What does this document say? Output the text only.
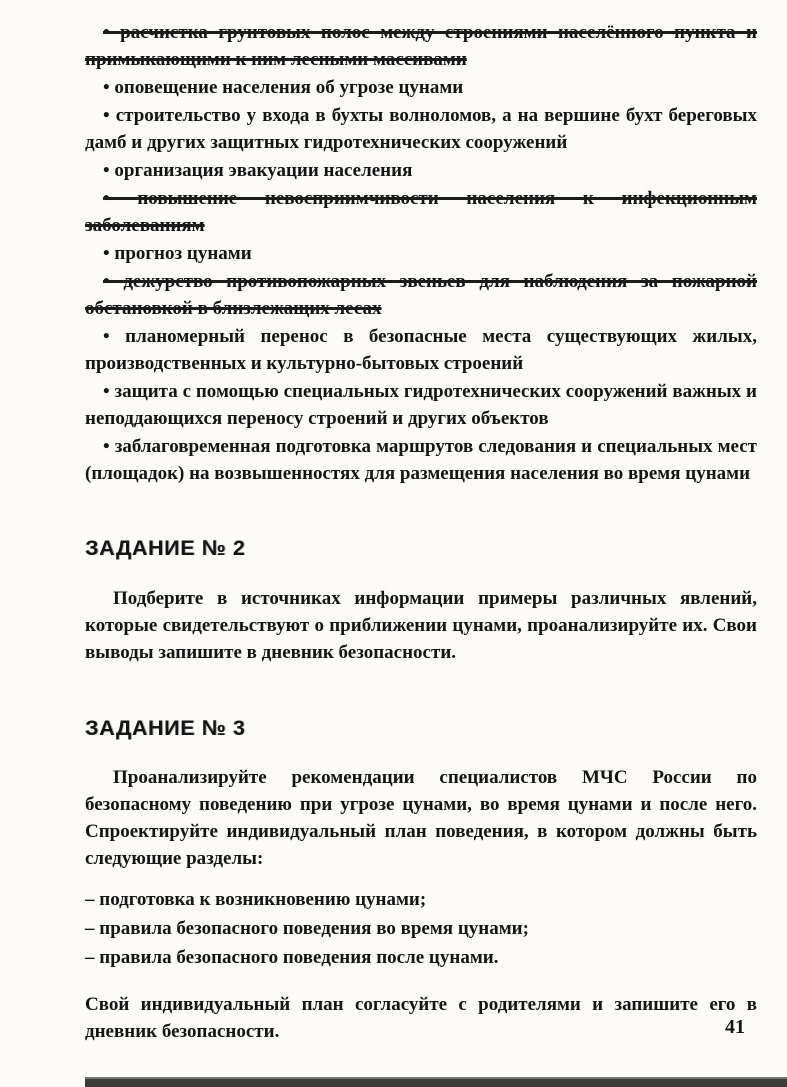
• расчистка грунтовых полос между строениями населённого пункта и примыкающими к ним лесными массивами
• оповещение населения об угрозе цунами
• строительство у входа в бухты волноломов, а на вершине бухт береговых дамб и других защитных гидротехнических сооружений
• организация эвакуации населения
• повышение невосприимчивости населения к инфекционным заболеваниям
• прогноз цунами
• дежурство противопожарных звеньев для наблюдения за пожарной обстановкой в близлежащих лесах
• планомерный перенос в безопасные места существующих жилых, производственных и культурно-бытовых строений
• защита с помощью специальных гидротехнических сооружений важных и неподдающихся переносу строений и других объектов
• заблаговременная подготовка маршрутов следования и специальных мест (площадок) на возвышенностях для размещения населения во время цунами
ЗАДАНИЕ № 2
Подберите в источниках информации примеры различных явлений, которые свидетельствуют о приближении цунами, проанализируйте их. Свои выводы запишите в дневник безопасности.
ЗАДАНИЕ № 3
Проанализируйте рекомендации специалистов МЧС России по безопасному поведению при угрозе цунами, во время цунами и после него. Спроектируйте индивидуальный план поведения, в котором должны быть следующие разделы:
– подготовка к возникновению цунами;
– правила безопасного поведения во время цунами;
– правила безопасного поведения после цунами.
Свой индивидуальный план согласуйте с родителями и запишите его в дневник безопасности.	41
